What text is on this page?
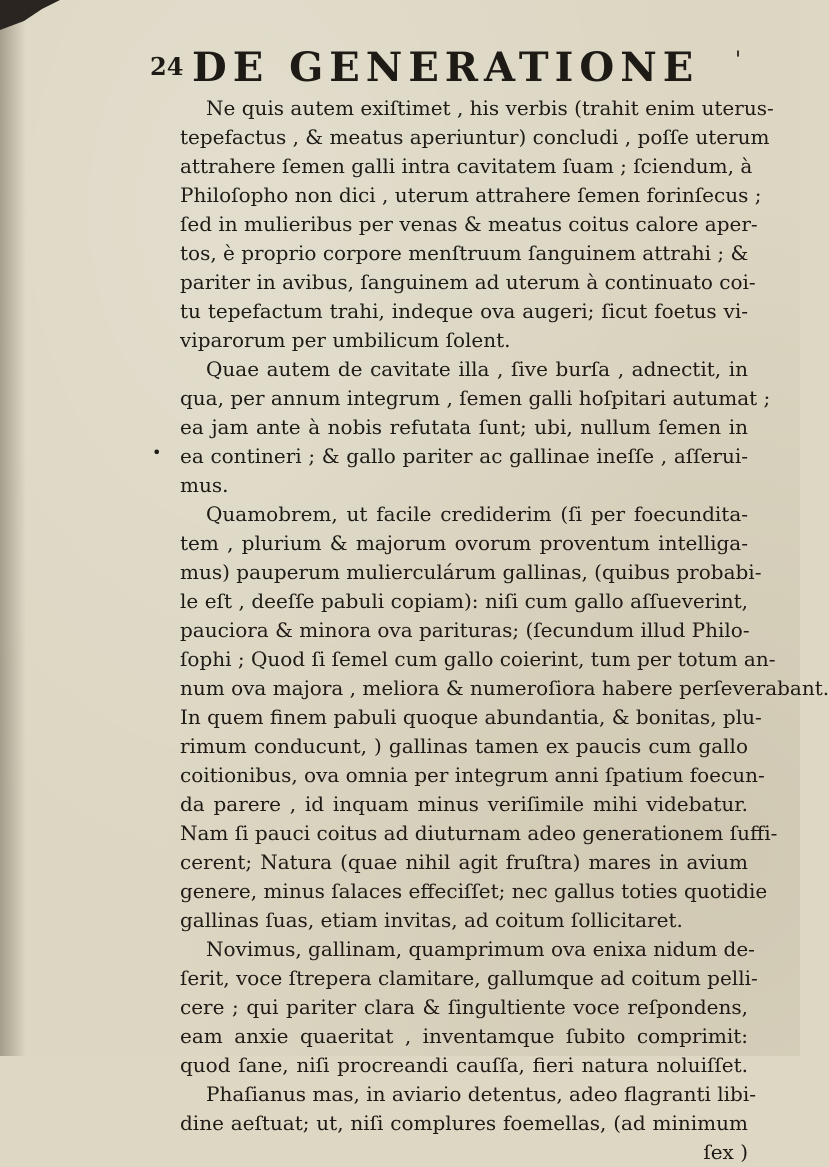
24 DE GENERATIONE '
•
Ne quis autem exiſtimet , his verbis (trahit enim uterus-
tepefactus , & meatus aperiuntur) concludi , poſſe uterum
attrahere ſemen galli intra cavitatem ſuam ; ſciendum, à
Philoſopho non dici , uterum attrahere ſemen forinſecus ;
ſed in mulieribus per venas & meatus coitus calore aper-
tos, è proprio corpore menſtruum ſanguinem attrahi ; &
pariter in avibus, ſanguinem ad uterum à continuato coi-
tu tepefactum trahi, indeque ova augeri; ſicut foetus vi-
viparorum per umbilicum ſolent.
Quae autem de cavitate illa , ſive burſa , adnectit, in
qua, per annum integrum , ſemen galli hoſpitari autumat ;
ea jam ante à nobis refutata ſunt; ubi, nullum ſemen in
ea contineri ; & gallo pariter ac gallinae ineſſe , aſſerui-
mus.
Quamobrem, ut facile crediderim (ſi per foecundita-
tem , plurium & majorum ovorum proventum intelliga-
mus) pauperum mulierculárum gallinas, (quibus probabi-
le eſt , deeſſe pabuli copiam): niſi cum gallo aſſueverint,
pauciora & minora ova parituras; (ſecundum illud Philo-
ſophi ; Quod ſi ſemel cum gallo coierint, tum per totum an-
num ova majora , meliora & numeroſiora habere perſeverabant.
In quem finem pabuli quoque abundantia, & bonitas, plu-
rimum conducunt, ) gallinas tamen ex paucis cum gallo
coitionibus, ova omnia per integrum anni ſpatium foecun-
da parere , id inquam minus veriſimile mihi videbatur.
Nam ſi pauci coitus ad diuturnam adeo generationem ſuffi-
cerent; Natura (quae nihil agit fruſtra) mares in avium
genere, minus ſalaces effeciſſet; nec gallus toties quotidie
gallinas ſuas, etiam invitas, ad coitum ſollicitaret.
Novimus, gallinam, quamprimum ova enixa nidum de-
ſerit, voce ſtrepera clamitare, gallumque ad coitum pelli-
cere ; qui pariter clara & ſingultiente voce reſpondens,
eam anxie quaeritat , inventamque ſubito comprimit:
quod ſane, niſi procreandi cauſſa, fieri natura noluiſſet.
Phaſianus mas, in aviario detentus, adeo flagranti libi-
dine aeſtuat; ut, niſi complures foemellas, (ad minimum
ſex )
